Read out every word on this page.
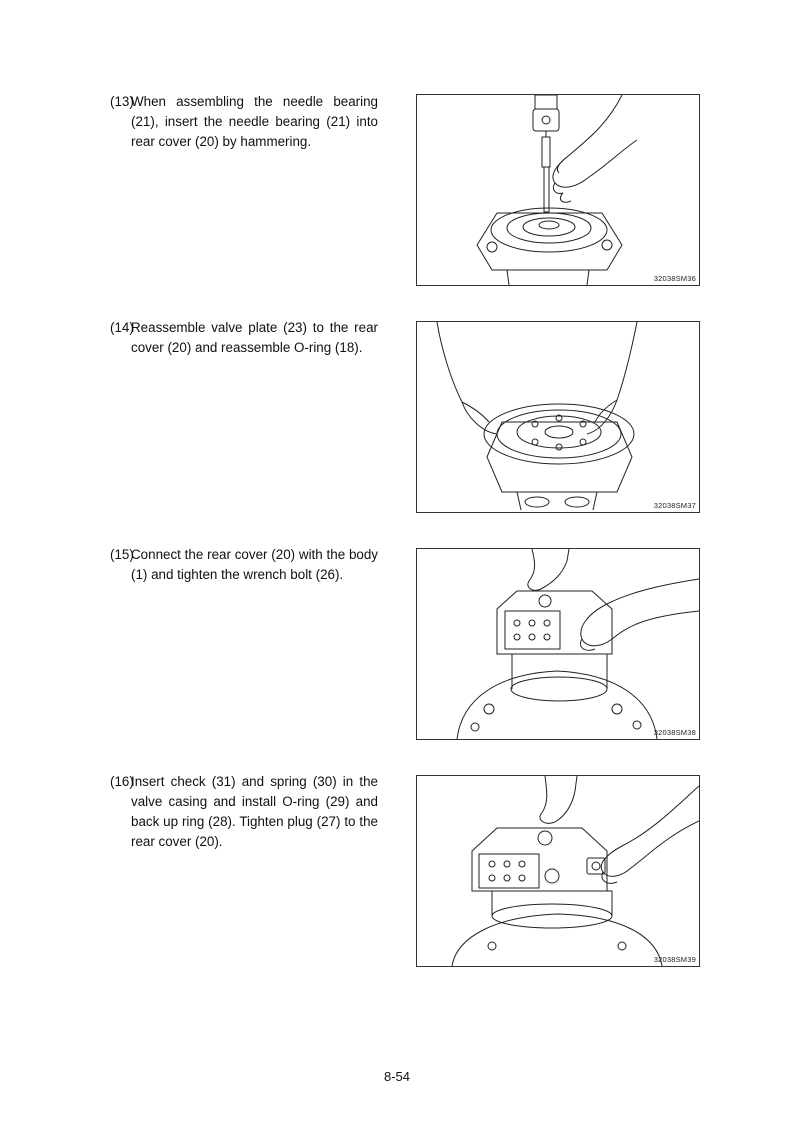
(13)
When assembling the needle bearing (21), insert the needle bearing (21) into rear cover (20) by hammering.
32038SM36
(14)
Reassemble valve plate (23) to the rear cover (20) and reassemble O-ring (18).
32038SM37
(15)
Connect the rear cover (20) with the body (1) and tighten the wrench bolt (26).
32038SM38
(16)
Insert check (31) and spring (30) in the valve casing and install O-ring (29) and back up ring (28). Tighten plug (27) to the rear cover (20).
32038SM39
8-54
